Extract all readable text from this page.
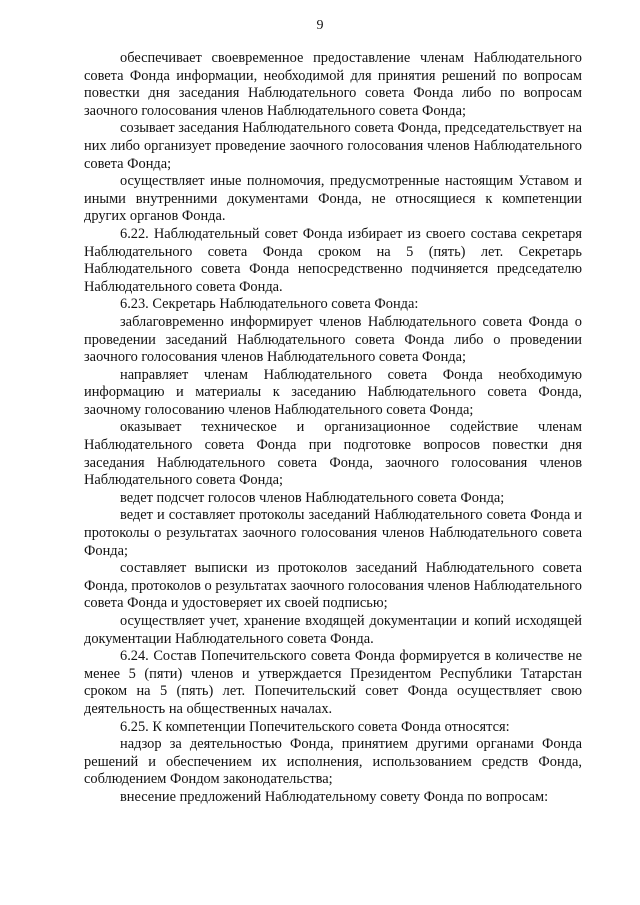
9

обеспечивает своевременное предоставление членам Наблюдательного совета Фонда информации, необходимой для принятия решений по вопросам повестки дня заседания Наблюдательного совета Фонда либо по вопросам заочного голосования членов Наблюдательного совета Фонда;

созывает заседания Наблюдательного совета Фонда, председательствует на них либо организует проведение заочного голосования членов Наблюдательного совета Фонда;

осуществляет иные полномочия, предусмотренные настоящим Уставом и иными внутренними документами Фонда, не относящиеся к компетенции других органов Фонда.

6.22. Наблюдательный совет Фонда избирает из своего состава секретаря Наблюдательного совета Фонда сроком на 5 (пять) лет. Секретарь Наблюдательного совета Фонда непосредственно подчиняется председателю Наблюдательного совета Фонда.

6.23. Секретарь Наблюдательного совета Фонда:

заблаговременно информирует членов Наблюдательного совета Фонда о проведении заседаний Наблюдательного совета Фонда либо о проведении заочного голосования членов Наблюдательного совета Фонда;

направляет членам Наблюдательного совета Фонда необходимую информацию и материалы к заседанию Наблюдательного совета Фонда, заочному голосованию членов Наблюдательного совета Фонда;

оказывает техническое и организационное содействие членам Наблюдательного совета Фонда при подготовке вопросов повестки дня заседания Наблюдательного совета Фонда, заочного голосования членов Наблюдательного совета Фонда;

ведет подсчет голосов членов Наблюдательного совета Фонда;

ведет и составляет протоколы заседаний Наблюдательного совета Фонда и протоколы о результатах заочного голосования членов Наблюдательного совета Фонда;

составляет выписки из протоколов заседаний Наблюдательного совета Фонда, протоколов о результатах заочного голосования членов Наблюдательного совета Фонда и удостоверяет их своей подписью;

осуществляет учет, хранение входящей документации и копий исходящей документации Наблюдательного совета Фонда.

6.24. Состав Попечительского совета Фонда формируется в количестве не менее 5 (пяти) членов и утверждается Президентом Республики Татарстан сроком на 5 (пять) лет. Попечительский совет Фонда осуществляет свою деятельность на общественных началах.

6.25. К компетенции Попечительского совета Фонда относятся:

надзор за деятельностью Фонда, принятием другими органами Фонда решений и обеспечением их исполнения, использованием средств Фонда, соблюдением Фондом законодательства;

внесение предложений Наблюдательному совету Фонда по вопросам:
